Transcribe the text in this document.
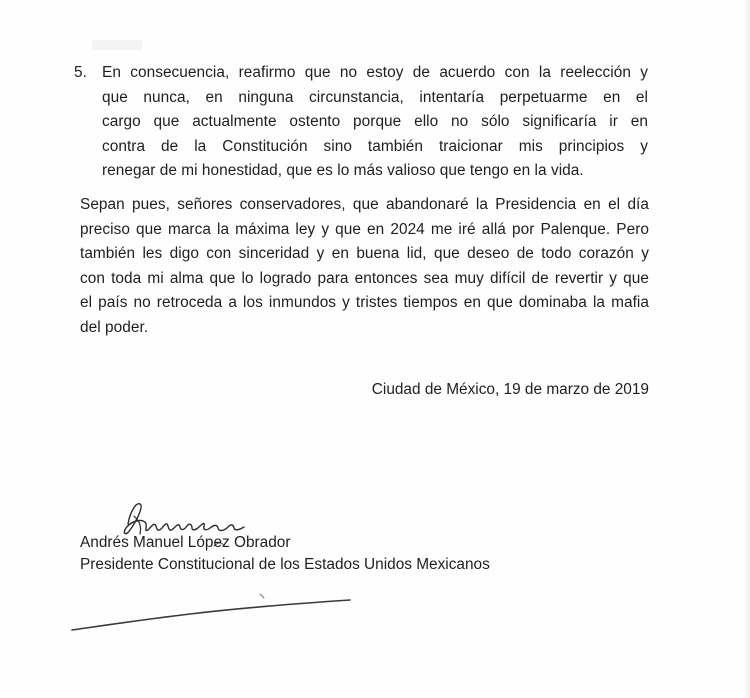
5. En consecuencia, reafirmo que no estoy de acuerdo con la reelección y
que nunca, en ninguna circunstancia, intentaría perpetuarme en el
cargo que actualmente ostento porque ello no sólo significaría ir en
contra de la Constitución sino también traicionar mis principios y
renegar de mi honestidad, que es lo más valioso que tengo en la vida.
Sepan pues, señores conservadores, que abandonaré la Presidencia en el día
preciso que marca la máxima ley y que en 2024 me iré allá por Palenque. Pero
también les digo con sinceridad y en buena lid, que deseo de todo corazón y
con toda mi alma que lo logrado para entonces sea muy difícil de revertir y que
el país no retroceda a los inmundos y tristes tiempos en que dominaba la mafia
del poder.
Ciudad de México, 19 de marzo de 2019
Andrés Manuel López Obrador
Presidente Constitucional de los Estados Unidos Mexicanos
